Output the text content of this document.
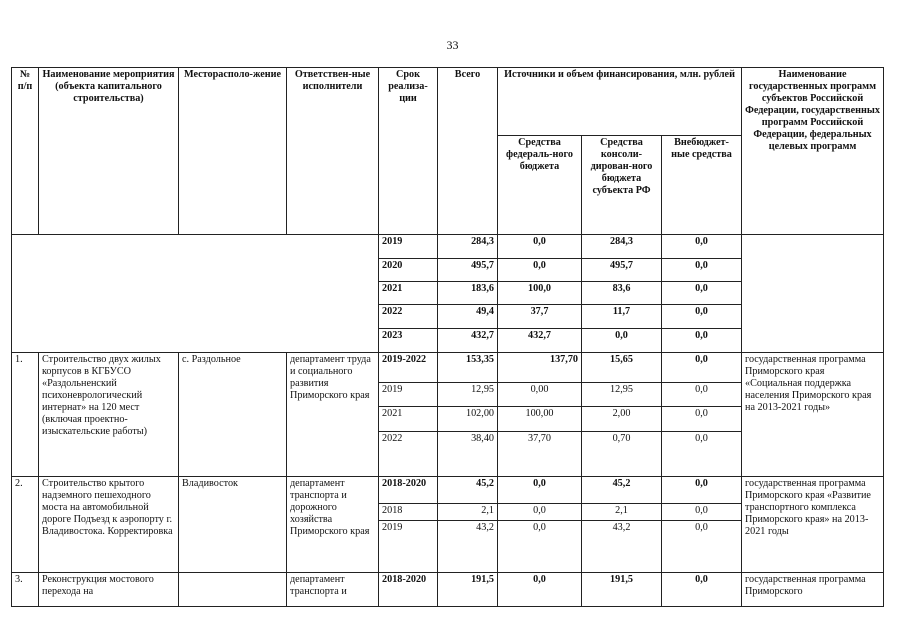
33
№ п/п	Наименование мероприятия (объекта капитального строительства)	Месторасполо-жение	Ответствен-ные исполнители	Срок реализа-ции	Всего	Источники и объем финансирования, млн. рублей			Наименование государственных программ субъектов Российской Федерации, государственных программ Российской Федерации, федеральных целевых программ
						Средства федераль-ного бюджета	Средства консоли-дирован-ного бюджета субъекта РФ	Внебюджет-ные средства	
				2019	284,3	0,0	284,3	0,0	
				2020	495,7	0,0	495,7	0,0	
				2021	183,6	100,0	83,6	0,0	
				2022	49,4	37,7	11,7	0,0	
				2023	432,7	432,7	0,0	0,0	
1.	Строительство двух жилых корпусов в КГБУСО «Раздольненский психоневрологический интернат» на 120 мест (включая проектно-изыскательские работы)	с. Раздольное	департамент труда и социального развития Приморского края	2019-2022	153,35	137,70	15,65	0,0	государственная программа Приморского края «Социальная поддержка населения Приморского края на 2013-2021 годы»
				2019	12,95	0,00	12,95	0,0	
				2021	102,00	100,00	2,00	0,0	
				2022	38,40	37,70	0,70	0,0	
2.	Строительство крытого надземного пешеходного моста на автомобильной дороге Подъезд к аэропорту г. Владивостока. Корректировка	Владивосток	департамент транспорта и дорожного хозяйства Приморского края	2018-2020	45,2	0,0	45,2	0,0	государственная программа Приморского края «Развитие транспортного комплекса Приморского края» на 2013-2021 годы
				2018	2,1	0,0	2,1	0,0	
				2019	43,2	0,0	43,2	0,0	
3.	Реконструкция мостового перехода на		департамент транспорта и	2018-2020	191,5	0,0	191,5	0,0	государственная программа Приморского
